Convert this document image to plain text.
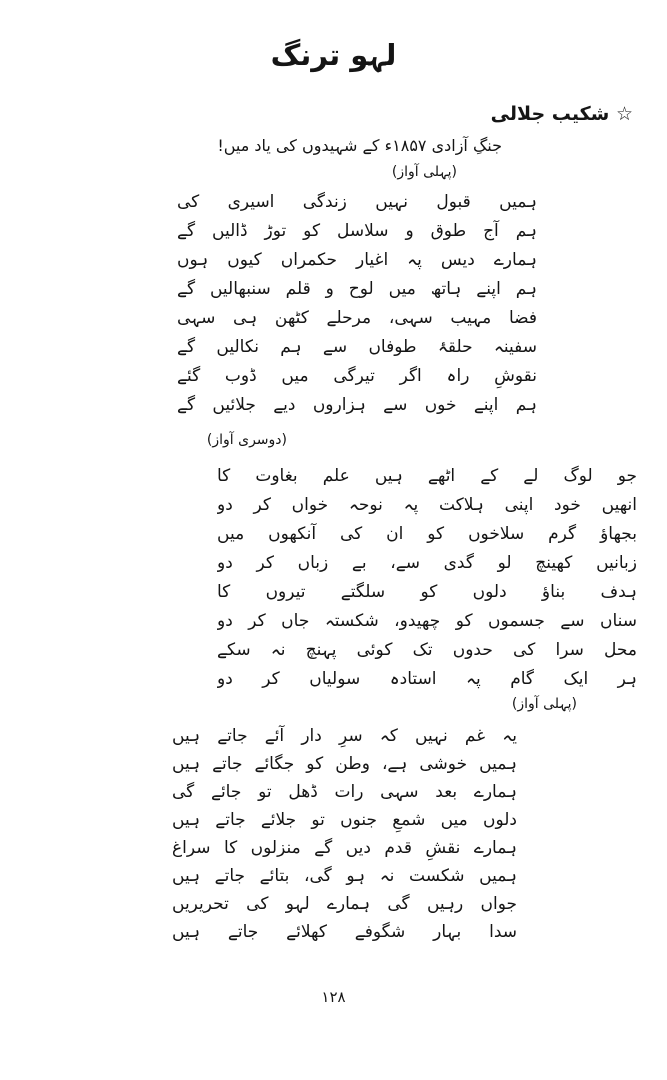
لہو ترنگ
☆ شکیب جلالی
جنگِ آزادی ۱۸۵۷ء کے شہیدوں کی یاد میں!
(پہلی آواز)
ہمیں قبول نہیں زندگی اسیری کی
ہم آج طوق و سلاسل کو توڑ ڈالیں گے
ہمارے دیس پہ اغیار حکمراں کیوں ہوں
ہم اپنے ہاتھ میں لوح و قلم سنبھالیں گے
فضا مہیب سہی، مرحلے کٹھن ہی سہی
سفینہ حلقۂ طوفاں سے ہم نکالیں گے
نقوشِ راہ اگر تیرگی میں ڈوب گئے
ہم اپنے خوں سے ہزاروں دیے جلائیں گے
(دوسری آواز)
جو لوگ لے کے اٹھے ہیں علم بغاوت کا
انھیں خود اپنی ہلاکت پہ نوحہ خواں کر دو
بجھاؤ گرم سلاخوں کو ان کی آنکھوں میں
زبانیں کھینچ لو گدی سے، بے زباں کر دو
ہدف بناؤ دلوں کو سلگتے تیروں کا
سناں سے جسموں کو چھیدو، شکستہ جاں کر دو
محل سرا کی حدوں تک کوئی پہنچ نہ سکے
ہر ایک گام پہ استادہ سولیاں کر دو
(پہلی آواز)
یہ غم نہیں کہ سرِ دار آئے جاتے ہیں
ہمیں خوشی ہے، وطن کو جگائے جاتے ہیں
ہمارے بعد سہی رات ڈھل تو جائے گی
دلوں میں شمعِ جنوں تو جلائے جاتے ہیں
ہمارے نقشِ قدم دیں گے منزلوں کا سراغ
ہمیں شکست نہ ہو گی، بتائے جاتے ہیں
جواں رہیں گی ہمارے لہو کی تحریریں
سدا بہار شگوفے کھلائے جاتے ہیں
۱۲۸
